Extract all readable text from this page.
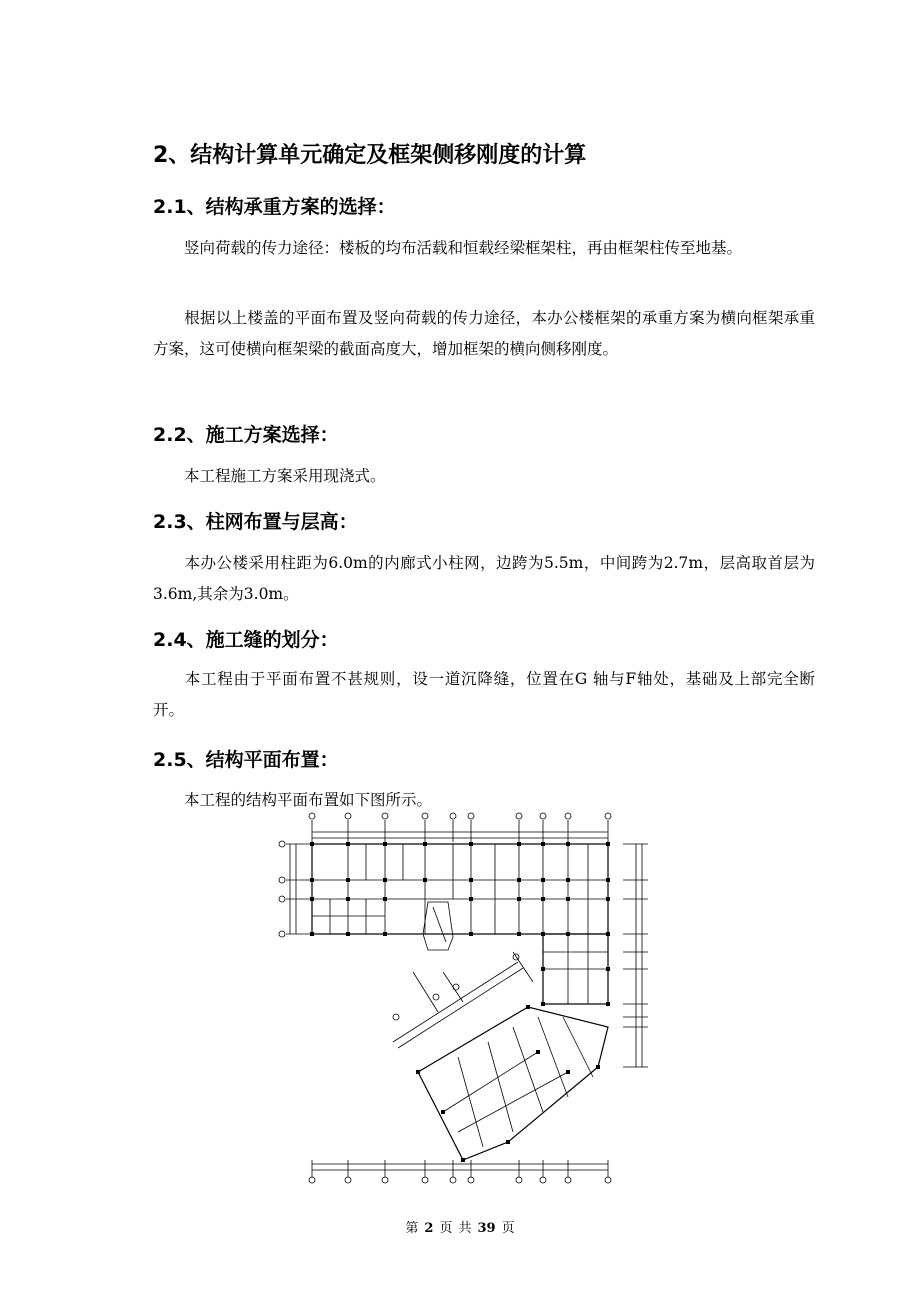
2、结构计算单元确定及框架侧移刚度的计算
2.1、结构承重方案的选择：
竖向荷载的传力途径：楼板的均布活载和恒载经梁框架柱，再由框架柱传至地基。
根据以上楼盖的平面布置及竖向荷载的传力途径，本办公楼框架的承重方案为横向框架承重方案，这可使横向框架梁的截面高度大，增加框架的横向侧移刚度。
2.2、施工方案选择：
本工程施工方案采用现浇式。
2.3、柱网布置与层高：
本办公楼采用柱距为6.0m的内廊式小柱网，边跨为5.5m，中间跨为2.7m，层高取首层为3.6m,其余为3.0m。
2.4、施工缝的划分：
本工程由于平面布置不甚规则，设一道沉降缝，位置在G 轴与F轴处，基础及上部完全断开。
2.5、结构平面布置：
本工程的结构平面布置如下图所示。
第 2 页 共 39 页
